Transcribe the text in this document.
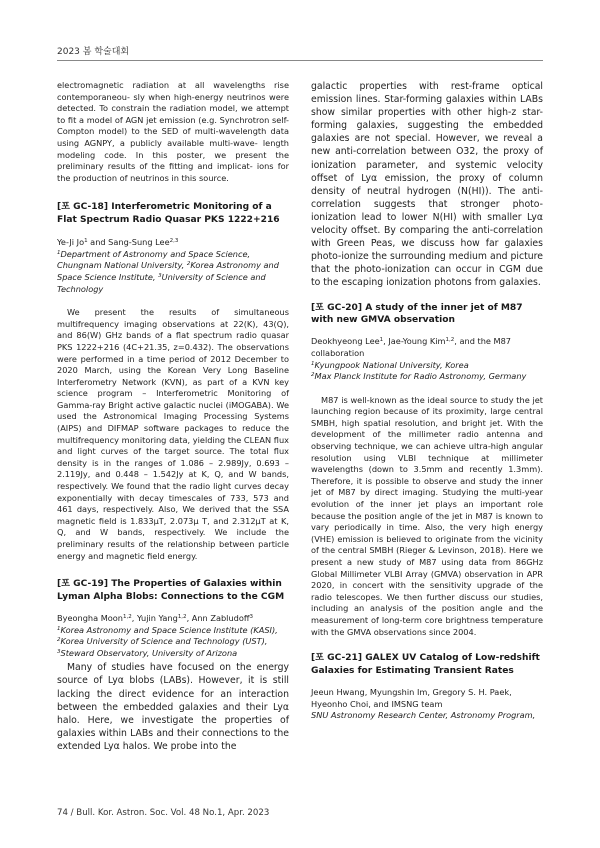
2023 봄 학술대회

electromagnetic radiation at all wavelengths rise contemporaneou- sly when high-energy neutrinos were detected. To constrain the radiation model, we attempt to fit a model of AGN jet emission (e.g. Synchrotron self- Compton model) to the SED of multi-wavelength data using AGNPY, a publicly available multi-wave- length modeling code. In this poster, we present the preliminary results of the fitting and implicat- ions for the production of neutrinos in this source.

[포 GC-18] Interferometric Monitoring of a Flat Spectrum Radio Quasar PKS 1222+216
Ye-Ji Jo$^1$ and Sang-Sung Lee$^{2,3}$
$^1$Department of Astronomy and Space Science, Chungnam National University, $^2$Korea Astronomy and Space Science Institute, $^3$University of Science and Technology

We present the results of simultaneous multifrequency imaging observations at 22(K), 43(Q), and 86(W) GHz bands of a flat spectrum radio quasar PKS 1222+216 (4C+21.35, z=0.432). The observations were performed in a time period of 2012 December to 2020 March, using the Korean Very Long Baseline Interferometry Network (KVN), as part of a KVN key science program – Interferometric Monitoring of Gamma-ray Bright active galactic nuclei (iMOGABA). We used the Astronomical Imaging Processing Systems (AIPS) and DIFMAP software packages to reduce the multifrequency monitoring data, yielding the CLEAN flux and light curves of the target source. The total flux density is in the ranges of 1.086 – 2.989Jy, 0.693 – 2.119Jy, and 0.448 – 1.542Jy at K, Q, and W bands, respectively. We found that the radio light curves decay exponentially with decay timescales of 733, 573 and 461 days, respectively. Also, We derived that the SSA magnetic field is 1.833μT, 2.073μ T, and 2.312μT at K, Q, and W bands, respectively. We include the preliminary results of the relationship between particle energy and magnetic field energy.

[포 GC-19] The Properties of Galaxies within Lyman Alpha Blobs: Connections to the CGM
Byeongha Moon$^{1,2}$, Yujin Yang$^{1,2}$, Ann Zabludoff$^3$
$^1$Korea Astronomy and Space Science Institute (KASI),
$^2$Korea University of Science and Technology (UST),
$^3$Steward Observatory, University of Arizona

Many of studies have focused on the energy source of Lyα blobs (LABs). However, it is still lacking the direct evidence for an interaction between the embedded galaxies and their Lyα halo. Here, we investigate the properties of galaxies within LABs and their connections to the extended Lyα halos. We probe into the

galactic properties with rest-frame optical emission lines. Star-forming galaxies within LABs show similar properties with other high-z star-forming galaxies, suggesting the embedded galaxies are not special. However, we reveal a new anti-correlation between O32, the proxy of ionization parameter, and systemic velocity offset of Lyα emission, the proxy of column density of neutral hydrogen (N(HI)). The anti-correlation suggests that stronger photo-ionization lead to lower N(HI) with smaller Lyα velocity offset. By comparing the anti-correlation with Green Peas, we discuss how far galaxies photo-ionize the surrounding medium and picture that the photo-ionization can occur in CGM due to the escaping ionization photons from galaxies.

[포 GC-20] A study of the inner jet of M87 with new GMVA observation
Deokhyeong Lee$^1$, Jae-Young Kim$^{1,2}$, and the M87 collaboration
$^1$Kyungpook National University, Korea
$^2$Max Planck Institute for Radio Astronomy, Germany

M87 is well-known as the ideal source to study the jet launching region because of its proximity, large central SMBH, high spatial resolution, and bright jet. With the development of the millimeter radio antenna and observing technique, we can achieve ultra-high angular resolution using VLBI technique at millimeter wavelengths (down to 3.5mm and recently 1.3mm). Therefore, it is possible to observe and study the inner jet of M87 by direct imaging. Studying the multi-year evolution of the inner jet plays an important role because the position angle of the jet in M87 is known to vary periodically in time. Also, the very high energy (VHE) emission is believed to originate from the vicinity of the central SMBH (Rieger & Levinson, 2018). Here we present a new study of M87 using data from 86GHz Global Millimeter VLBI Array (GMVA) observation in APR 2020, in concert with the sensitivity upgrade of the radio telescopes. We then further discuss our studies, including an analysis of the position angle and the measurement of long-term core brightness temperature with the GMVA observations since 2004.

[포 GC-21] GALEX UV Catalog of Low-redshift Galaxies for Estimating Transient Rates
Jeeun Hwang, Myungshin Im, Gregory S. H. Paek, Hyeonho Choi, and IMSNG team
SNU Astronomy Research Center, Astronomy Program,
74 / Bull. Kor. Astron. Soc. Vol. 48 No.1, Apr. 2023
